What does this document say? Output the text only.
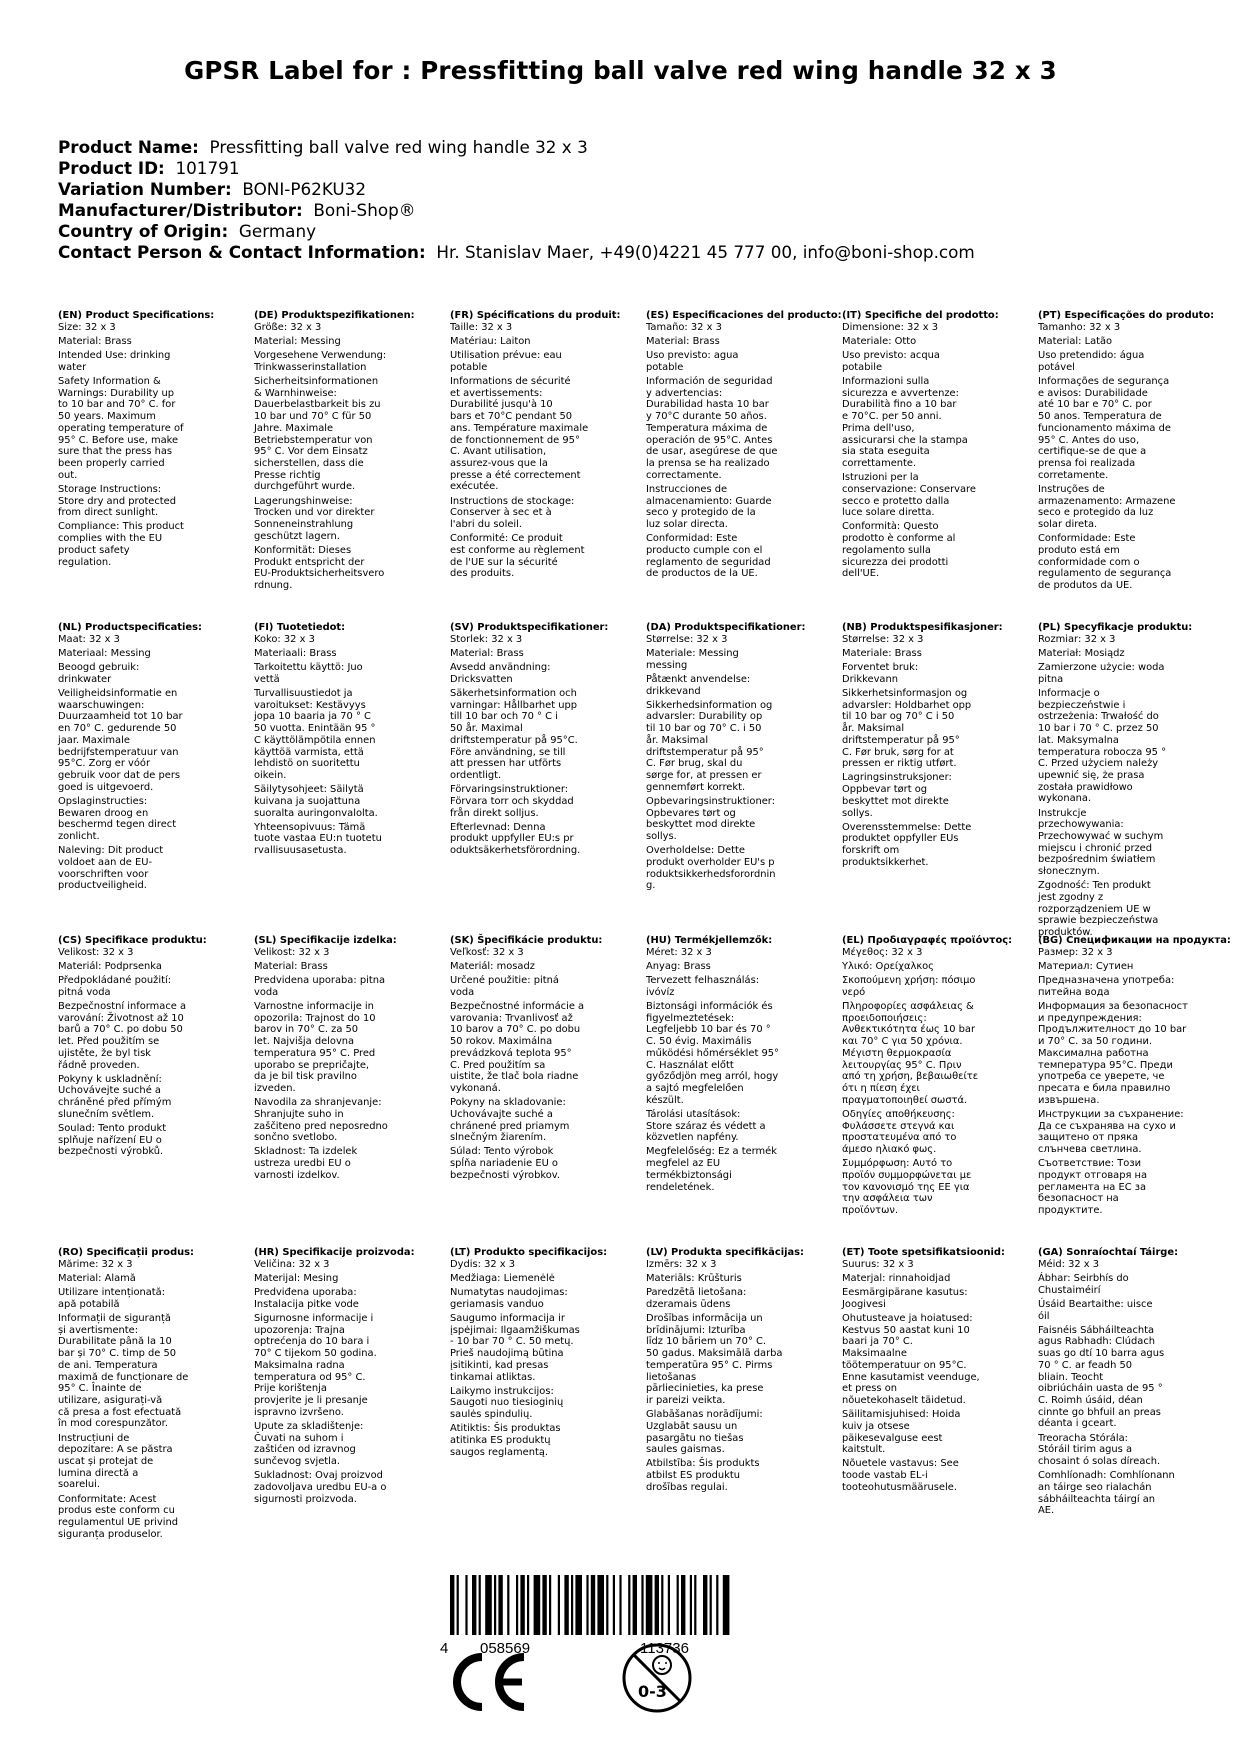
GPSR Label for : Pressfitting ball valve red wing handle 32 x 3
Product Name: Pressfitting ball valve red wing handle 32 x 3
Product ID: 101791
Variation Number: BONI-P62KU32
Manufacturer/Distributor: Boni-Shop®
Country of Origin: Germany
Contact Person & Contact Information: Hr. Stanislav Maer, +49(0)4221 45 777 00, info@boni-shop.com
(EN) Product Specifications:

Size: 32 x 3

Material: Brass

Intended Use: drinking
water

Safety Information &
Warnings: Durability up
to 10 bar and 70° C. for
50 years. Maximum
operating temperature of
95° C. Before use, make
sure that the press has
been properly carried
out.

Storage Instructions:
Store dry and protected
from direct sunlight.

Compliance: This product
complies with the EU
product safety
regulation.

(DE) Produktspezifikationen:

Größe: 32 x 3

Material: Messing

Vorgesehene Verwendung:
Trinkwasserinstallation

Sicherheitsinformationen
& Warnhinweise:
Dauerbelastbarkeit bis zu
10 bar und 70° C für 50
Jahre. Maximale
Betriebstemperatur von
95° C. Vor dem Einsatz
sicherstellen, dass die
Presse richtig
durchgeführt wurde.

Lagerungshinweise:
Trocken und vor direkter
Sonneneinstrahlung
geschützt lagern.

Konformität: Dieses
Produkt entspricht der
EU-Produktsicherheitsvero
rdnung.

(FR) Spécifications du produit:

Taille: 32 x 3

Matériau: Laiton

Utilisation prévue: eau
potable

Informations de sécurité
et avertissements:
Durabilité jusqu'à 10
bars et 70°C pendant 50
ans. Température maximale
de fonctionnement de 95°
C. Avant utilisation,
assurez-vous que la
presse a été correctement
exécutée.

Instructions de stockage:
Conserver à sec et à
l'abri du soleil.

Conformité: Ce produit
est conforme au règlement
de l'UE sur la sécurité
des produits.

(ES) Especificaciones del producto:

Tamaño: 32 x 3

Material: Brass

Uso previsto: agua
potable

Información de seguridad
y advertencias:
Durabilidad hasta 10 bar
y 70°C durante 50 años.
Temperatura máxima de
operación de 95°C. Antes
de usar, asegúrese de que
la prensa se ha realizado
correctamente.

Instrucciones de
almacenamiento: Guarde
seco y protegido de la
luz solar directa.

Conformidad: Este
producto cumple con el
reglamento de seguridad
de productos de la UE.

(IT) Specifiche del prodotto:

Dimensione: 32 x 3

Materiale: Otto

Uso previsto: acqua
potabile

Informazioni sulla
sicurezza e avvertenze:
Durabilità fino a 10 bar
e 70°C. per 50 anni.
Prima dell'uso,
assicurarsi che la stampa
sia stata eseguita
correttamente.

Istruzioni per la
conservazione: Conservare
secco e protetto dalla
luce solare diretta.

Conformità: Questo
prodotto è conforme al
regolamento sulla
sicurezza dei prodotti
dell'UE.

(PT) Especificações do produto:

Tamanho: 32 x 3

Material: Latão

Uso pretendido: água
potável

Informações de segurança
e avisos: Durabilidade
até 10 bar e 70° C. por
50 anos. Temperatura de
funcionamento máxima de
95° C. Antes do uso,
certifique-se de que a
prensa foi realizada
corretamente.

Instruções de
armazenamento: Armazene
seco e protegido da luz
solar direta.

Conformidade: Este
produto está em
conformidade com o
regulamento de segurança
de produtos da UE.

(NL) Productspecificaties:

Maat: 32 x 3

Materiaal: Messing

Beoogd gebruik:
drinkwater

Veiligheidsinformatie en
waarschuwingen:
Duurzaamheid tot 10 bar
en 70° C. gedurende 50
jaar. Maximale
bedrijfstemperatuur van
95°C. Zorg er vóór
gebruik voor dat de pers
goed is uitgevoerd.

Opslaginstructies:
Bewaren droog en
beschermd tegen direct
zonlicht.

Naleving: Dit product
voldoet aan de EU-
voorschriften voor
productveiligheid.

(FI) Tuotetiedot:

Koko: 32 x 3

Materiaali: Brass

Tarkoitettu käyttö: Juo
vettä

Turvallisuustiedot ja
varoitukset: Kestävyys
jopa 10 baaria ja 70 ° C
50 vuotta. Enintään 95 °
C käyttölämpötila ennen
käyttöä varmista, että
lehdistö on suoritettu
oikein.

Säilytysohjeet: Säilytä
kuivana ja suojattuna
suoralta auringonvalolta.

Yhteensopivuus: Tämä
tuote vastaa EU:n tuotetu
rvallisuusasetusta.

(SV) Produktspecifikationer:

Storlek: 32 x 3

Material: Brass

Avsedd användning:
Dricksvatten

Säkerhetsinformation och
varningar: Hållbarhet upp
till 10 bar och 70 ° C i
50 år. Maximal
driftstemperatur på 95°C.
Före användning, se till
att pressen har utförts
ordentligt.

Förvaringsinstruktioner:
Förvara torr och skyddad
från direkt solljus.

Efterlevnad: Denna
produkt uppfyller EU:s pr
oduktsäkerhetsförordning.

(DA) Produktspecifikationer:

Størrelse: 32 x 3

Materiale: Messing
messing

Påtænkt anvendelse:
drikkevand

Sikkerhedsinformation og
advarsler: Durability op
til 10 bar og 70° C. i 50
år. Maksimal
driftstemperatur på 95°
C. Før brug, skal du
sørge for, at pressen er
gennemført korrekt.

Opbevaringsinstruktioner:
Opbevares tørt og
beskyttet mod direkte
sollys.

Overholdelse: Dette
produkt overholder EU's p
roduktsikkerhedsforordnin
g.

(NB) Produktspesifikasjoner:

Størrelse: 32 x 3

Materiale: Brass

Forventet bruk:
Drikkevann

Sikkerhetsinformasjon og
advarsler: Holdbarhet opp
til 10 bar og 70° C i 50
år. Maksimal
driftstemperatur på 95°
C. Før bruk, sørg for at
pressen er riktig utført.

Lagringsinstruksjoner:
Oppbevar tørt og
beskyttet mot direkte
sollys.

Overensstemmelse: Dette
produktet oppfyller EUs
forskrift om
produktsikkerhet.

(PL) Specyfikacje produktu:

Rozmiar: 32 x 3

Materiał: Mosiądz

Zamierzone użycie: woda
pitna

Informacje o
bezpieczeństwie i
ostrzeżenia: Trwałość do
10 bar i 70 ° C. przez 50
lat. Maksymalna
temperatura robocza 95 °
C. Przed użyciem należy
upewnić się, że prasa
została prawidłowo
wykonana.

Instrukcje
przechowywania:
Przechowywać w suchym
miejscu i chronić przed
bezpośrednim światłem
słonecznym.

Zgodność: Ten produkt
jest zgodny z
rozporządzeniem UE w
sprawie bezpieczeństwa
produktów.

(CS) Specifikace produktu:

Velikost: 32 x 3

Materiál: Podprsenka

Předpokládané použití:
pitná voda

Bezpečnostní informace a
varování: Životnost až 10
barů a 70° C. po dobu 50
let. Před použitím se
ujistěte, že byl tisk
řádně proveden.

Pokyny k uskladnění:
Uchovávejte suché a
chráněné před přímým
slunečním světlem.

Soulad: Tento produkt
splňuje nařízení EU o
bezpečnosti výrobků.

(SL) Specifikacije izdelka:

Velikost: 32 x 3

Material: Brass

Predvidena uporaba: pitna
voda

Varnostne informacije in
opozorila: Trajnost do 10
barov in 70° C. za 50
let. Najvišja delovna
temperatura 95° C. Pred
uporabo se prepričajte,
da je bil tisk pravilno
izveden.

Navodila za shranjevanje:
Shranjujte suho in
zaščiteno pred neposredno
sončno svetlobo.

Skladnost: Ta izdelek
ustreza uredbi EU o
varnosti izdelkov.

(SK) Špecifikácie produktu:

Veľkosť: 32 x 3

Materiál: mosadz

Určené použitie: pitná
voda

Bezpečnostné informácie a
varovania: Trvanlivosť až
10 barov a 70° C. po dobu
50 rokov. Maximálna
prevádzková teplota 95°
C. Pred použitím sa
uistite, že tlač bola riadne
vykonaná.

Pokyny na skladovanie:
Uchovávajte suché a
chránené pred priamym
slnečným žiarením.

Súlad: Tento výrobok
spĺňa nariadenie EU o
bezpečnosti výrobkov.

(HU) Termékjellemzők:

Méret: 32 x 3

Anyag: Brass

Tervezett felhasználás:
ivóvíz

Biztonsági információk és
figyelmeztetések:
Legfeljebb 10 bar és 70 °
C. 50 évig. Maximális
működési hőmérséklet 95°
C. Használat előtt
győződjön meg arról, hogy
a sajtó megfelelően
készült.

Tárolási utasítások:
Store száraz és védett a
közvetlen napfény.

Megfelelőség: Ez a termék
megfelel az EU
termékbiztonsági
rendeletének.

(EL) Προδιαγραφές προϊόντος:

Μέγεθος: 32 x 3

Υλικό: Ορείχαλκος

Σκοπούμενη χρήση: πόσιμο
νερό

Πληροφορίες ασφάλειας &
προειδοποιήσεις:
Ανθεκτικότητα έως 10 bar
και 70° C για 50 χρόνια.
Μέγιστη θερμοκρασία
λειτουργίας 95° C. Πριν
από τη χρήση, βεβαιωθείτε
ότι η πίεση έχει
πραγματοποιηθεί σωστά.

Οδηγίες αποθήκευσης:
Φυλάσσετε στεγνά και
προστατευμένα από το
άμεσο ηλιακό φως.

Συμμόρφωση: Αυτό το
προϊόν συμμορφώνεται με
τον κανονισμό της ΕΕ για
την ασφάλεια των
προϊόντων.

(BG) Спецификации на продукта:

Размер: 32 x 3

Материал: Сутиен

Предназначена употреба:
питейна вода

Информация за безопасност
и предупреждения:
Продължителност до 10 bar
и 70° С. за 50 години.
Максимална работна
температура 95°C. Преди
употреба се уверете, че
пресата е била правилно
извършена.

Инструкции за съхранение:
Да се съхранява на сухо и
защитено от пряка
слънчева светлина.

Съответствие: Този
продукт отговаря на
регламента на ЕС за
безопасност на
продуктите.

(RO) Specificații produs:

Mărime: 32 x 3

Material: Alamă

Utilizare intenționată:
apă potabilă

Informații de siguranță
și avertismente:
Durabilitate până la 10
bar și 70° C. timp de 50
de ani. Temperatura
maximă de funcționare de
95° C. Înainte de
utilizare, asigurați-vă
că presa a fost efectuată
în mod corespunzător.

Instrucțiuni de
depozitare: A se păstra
uscat și protejat de
lumina directă a
soarelui.

Conformitate: Acest
produs este conform cu
regulamentul UE privind
siguranța produselor.

(HR) Specifikacije proizvoda:

Veličina: 32 x 3

Materijal: Mesing

Predviđena uporaba:
Instalacija pitke vode

Sigurnosne informacije i
upozorenja: Trajna
optrećenja do 10 bara i
70° C tijekom 50 godina.
Maksimalna radna
temperatura od 95° C.
Prije korištenja
provjerite je li presanje
ispravno izvršeno.

Upute za skladištenje:
Čuvati na suhom i
zaštićen od izravnog
sunčevog svjetla.

Sukladnost: Ovaj proizvod
zadovoljava uredbu EU-a o
sigurnosti proizvoda.

(LT) Produkto specifikacijos:

Dydis: 32 x 3

Medžiaga: Liemenėlė

Numatytas naudojimas:
geriamasis vanduo

Saugumo informacija ir
įspėjimai: Ilgaamžiškumas
- 10 bar 70 ° C. 50 metų.
Prieš naudojimą būtina
įsitikinti, kad presas
tinkamai atliktas.

Laikymo instrukcijos:
Saugoti nuo tiesioginių
saulės spindulių.

Atitiktis: Šis produktas
atitinka ES produktų
saugos reglamentą.

(LV) Produkta specifikācijas:

Izmērs: 32 x 3

Materiāls: Krūšturis

Paredzētā lietošana:
dzeramais ūdens

Drošības informācija un
brīdinājumi: Izturība
līdz 10 bāriem un 70° C.
50 gadus. Maksimālā darba
temperatūra 95° C. Pirms
lietošanas
pārliecinieties, ka prese
ir pareizi veikta.

Glabāšanas norādījumi:
Uzglabāt sausu un
pasargātu no tiešas
saules gaismas.

Atbilstība: Šis produkts
atbilst ES produktu
drošības regulai.

(ET) Toote spetsifikatsioonid:

Suurus: 32 x 3

Materjal: rinnahoidjad

Eesmärgipärane kasutus:
Joogivesi

Ohutusteave ja hoiatused:
Kestvus 50 aastat kuni 10
baari ja 70° C.
Maksimaalne
töötemperatuur on 95°C.
Enne kasutamist veenduge,
et press on
nõuetekohaselt täidetud.

Säilitamisjuhised: Hoida
kuiv ja otsese
päikesevalguse eest
kaitstult.

Nõuetele vastavus: See
toode vastab EL-i
tooteohutusmäärusele.

(GA) Sonraíochtaí Táirge:

Méid: 32 x 3

Ábhar: Seirbhís do
Chustaiméirí

Úsáid Beartaithe: uisce
óil

Faisnéis Sábháilteachta
agus Rabhadh: Clúdach
suas go dtí 10 barra agus
70 ° C. ar feadh 50
bliain. Teocht
oibriúcháin uasta de 95 °
C. Roimh úsáid, déan
cinnte go bhfuil an preas
déanta i gceart.

Treoracha Stórála:
Stóráil tirim agus a
chosaint ó solas díreach.

Comhlíonadh: Comhlíonann
an táirge seo rialachán
sábháilteachta táirgí an
AE.

4 058569	113736
0-3
